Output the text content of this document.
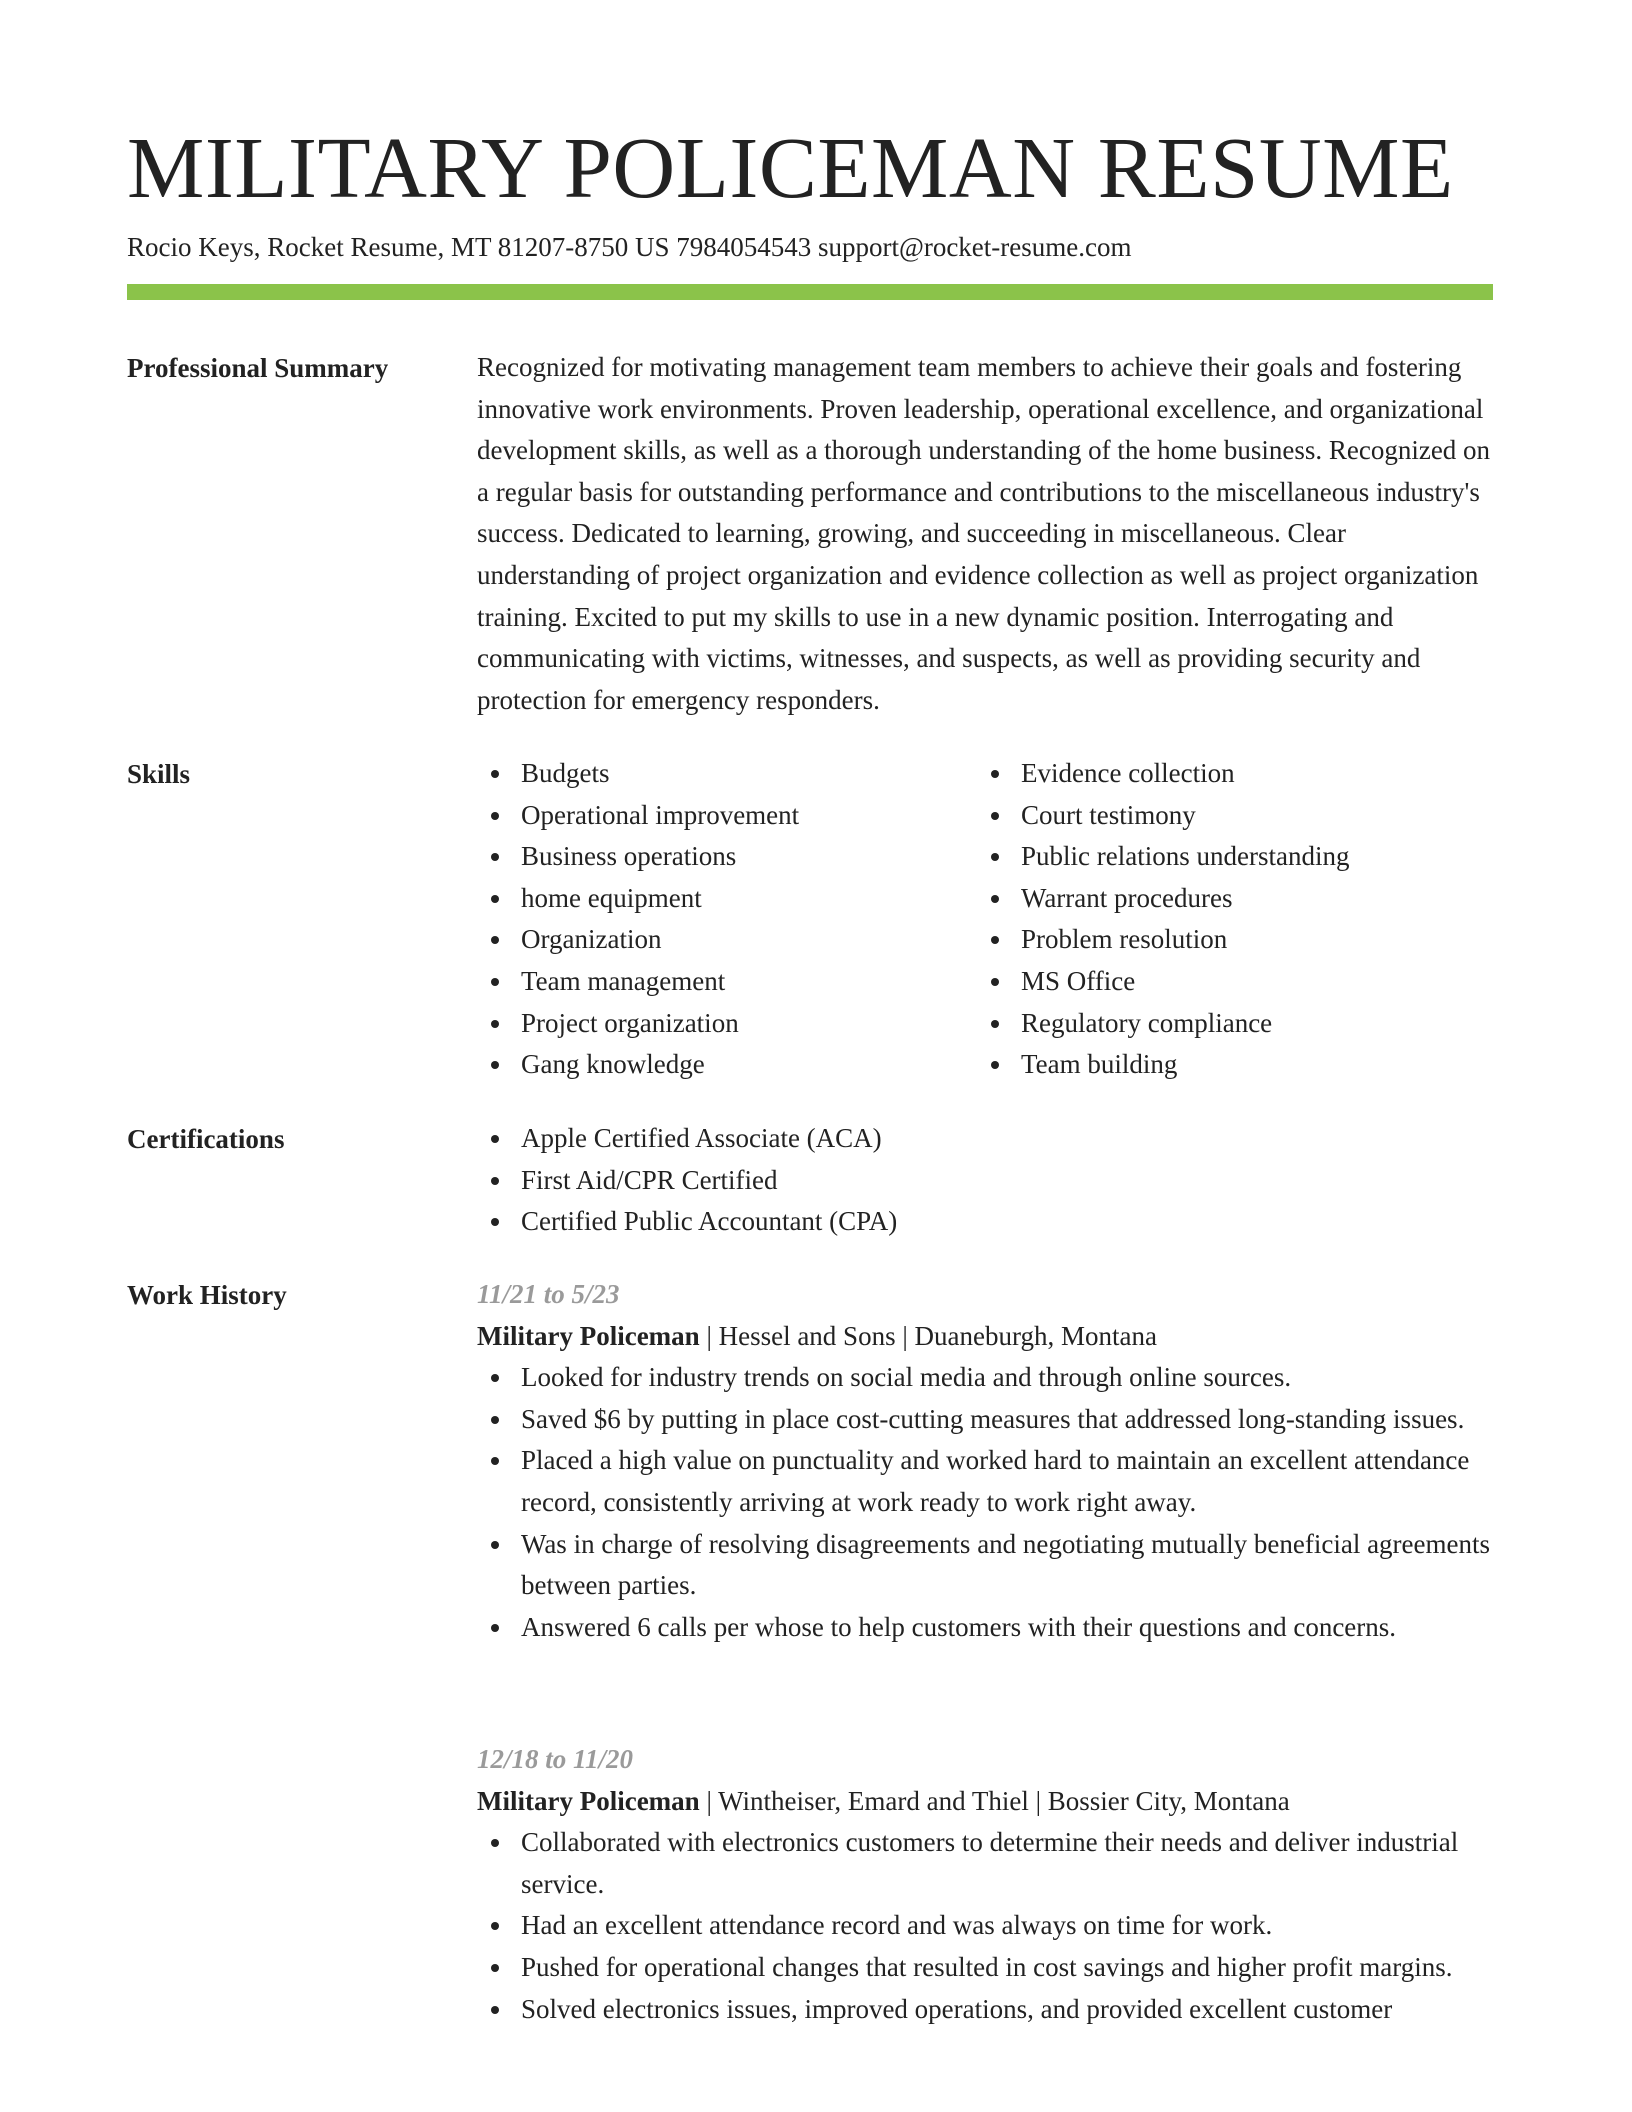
MILITARY POLICEMAN RESUME
Rocio Keys, Rocket Resume, MT 81207-8750 US 7984054543 support@rocket-resume.com
Professional Summary	Recognized for motivating management team members to achieve their goals and fostering innovative work environments. Proven leadership, operational excellence, and organizational development skills, as well as a thorough understanding of the home business. Recognized on a regular basis for outstanding performance and contributions to the miscellaneous industry's success. Dedicated to learning, growing, and succeeding in miscellaneous. Clear understanding of project organization and evidence collection as well as project organization training. Excited to put my skills to use in a new dynamic position. Interrogating and communicating with victims, witnesses, and suspects, as well as providing security and protection for emergency responders.

Skills	Budgets
Operational improvement
Business operations
home equipment
Organization
Team management
Project organization
Gang knowledge
Evidence collection
Court testimony
Public relations understanding
Warrant procedures
Problem resolution
MS Office
Regulatory compliance
Team building
Certifications	Apple Certified Associate (ACA)
First Aid/CPR Certified
Certified Public Accountant (CPA)
Work History	11/21 to 5/23
Military Policeman | Hessel and Sons | Duaneburgh, Montana
Looked for industry trends on social media and through online sources.
Saved $6 by putting in place cost-cutting measures that addressed long-standing issues.
Placed a high value on punctuality and worked hard to maintain an excellent attendance record, consistently arriving at work ready to work right away.
Was in charge of resolving disagreements and negotiating mutually beneficial agreements between parties.
Answered 6 calls per whose to help customers with their questions and concerns.
12/18 to 11/20
Military Policeman | Wintheiser, Emard and Thiel | Bossier City, Montana
Collaborated with electronics customers to determine their needs and deliver industrial service.
Had an excellent attendance record and was always on time for work.
Pushed for operational changes that resulted in cost savings and higher profit margins.
Solved electronics issues, improved operations, and provided excellent customer
